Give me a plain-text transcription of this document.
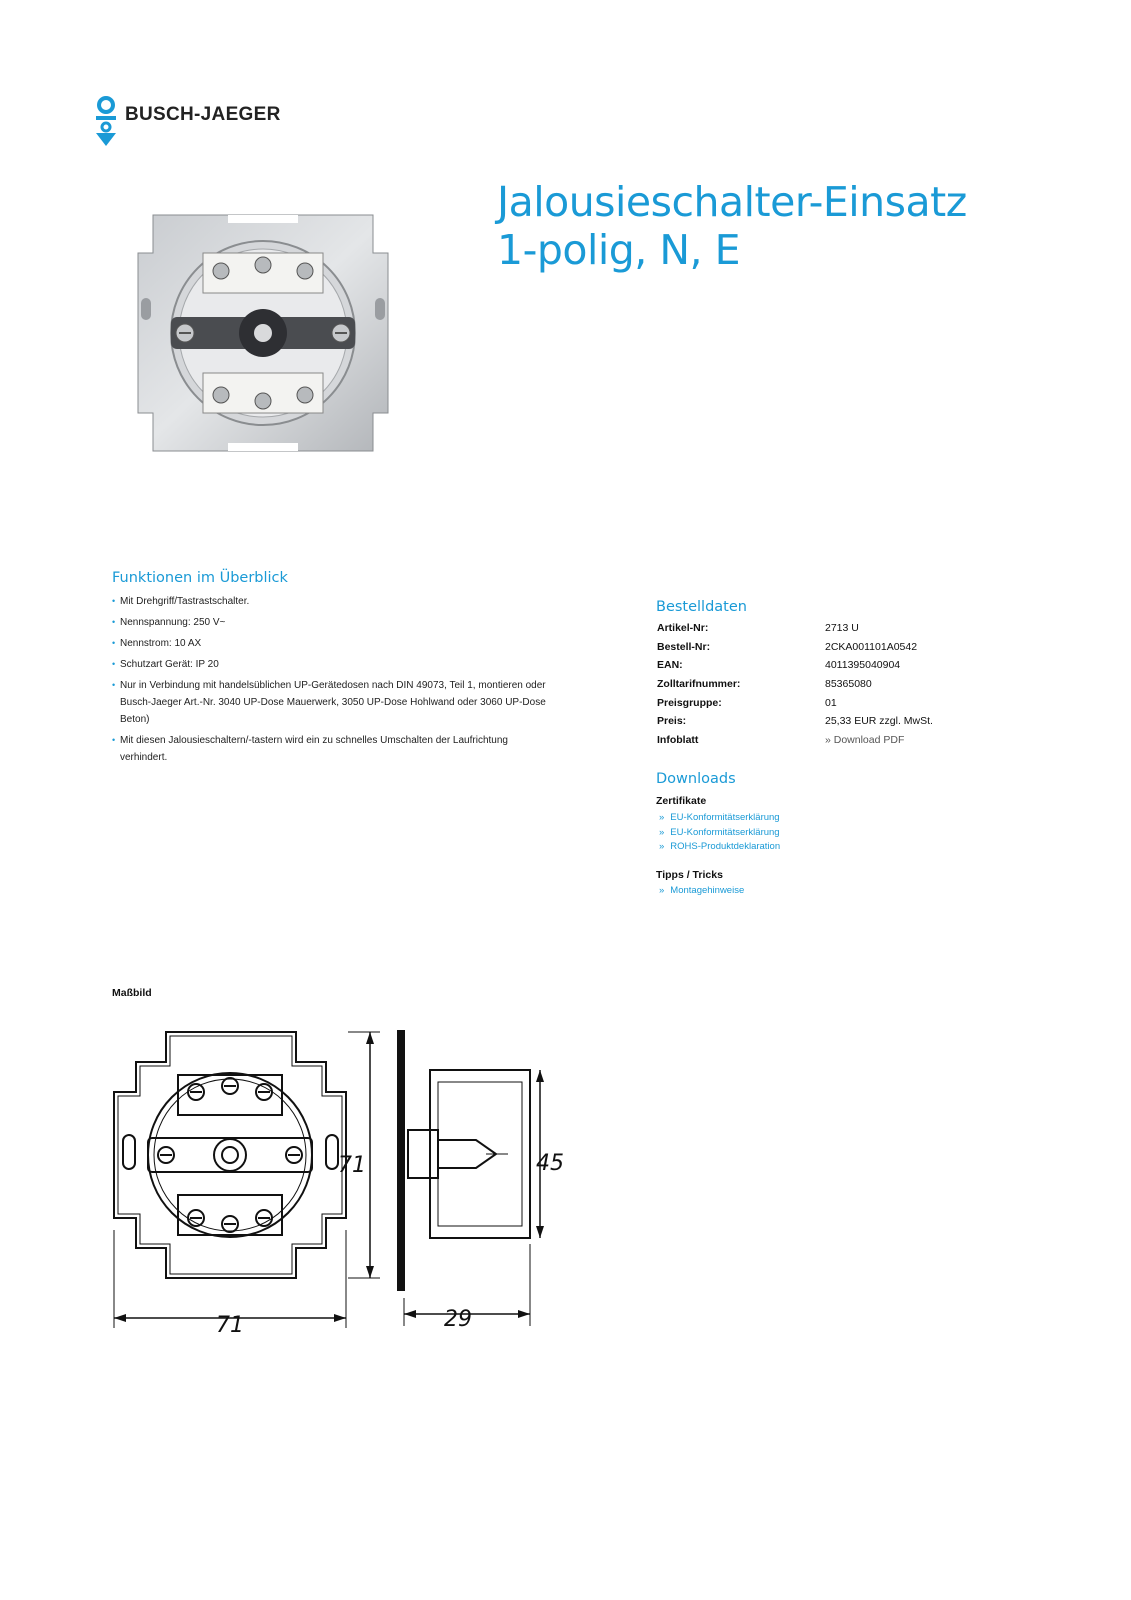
BUSCH-JAEGER
Jalousieschalter-Einsatz
1-polig, N, E
Funktionen im Überblick
• Mit Drehgriff/Tastrastschalter.
• Nennspannung: 250 V~
• Nennstrom: 10 AX
• Schutzart Gerät: IP 20
• Nur in Verbindung mit handelsüblichen UP-Gerätedosen nach DIN 49073, Teil 1, montieren oder Busch-Jaeger Art.-Nr. 3040 UP-Dose Mauerwerk, 3050 UP-Dose Hohlwand oder 3060 UP-Dose Beton)
• Mit diesen Jalousieschaltern/-tastern wird ein zu schnelles Umschalten der Laufrichtung verhindert.
Bestelldaten
Artikel-Nr:	2713 U
Bestell-Nr:	2CKA001101A0542
EAN:	4011395040904
Zolltarifnummer:	85365080
Preisgruppe:	01
Preis:	25,33 EUR zzgl. MwSt.
Infoblatt	» Download PDF
Downloads
Zertifikate
» EU-Konformitätserklärung
» EU-Konformitätserklärung
» ROHS-Produktdeklaration
Tipps / Tricks
» Montagehinweise
Maßbild
71
71	29
45
